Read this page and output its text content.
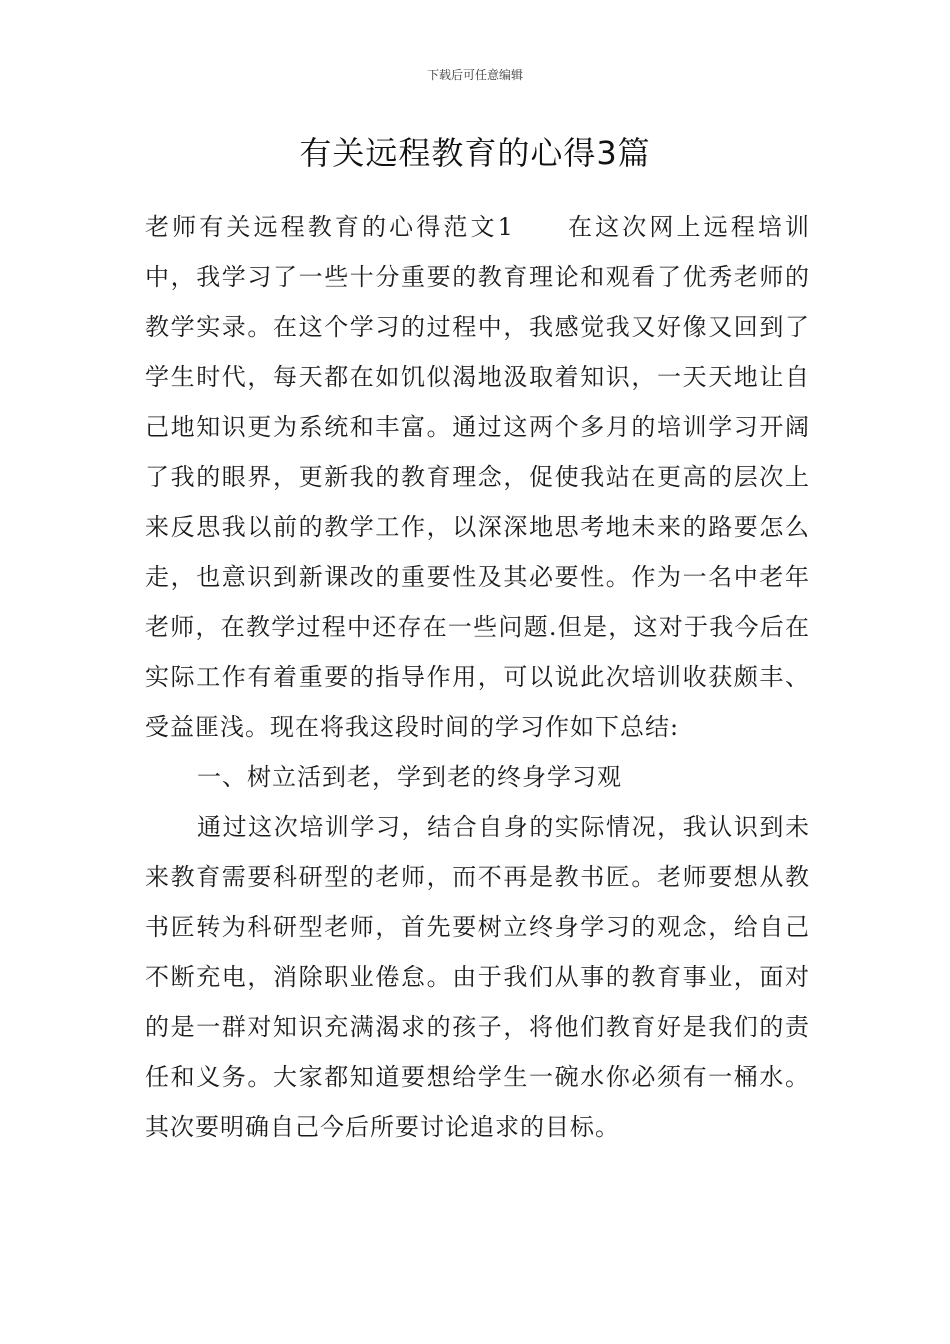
下载后可任意编辑
有关远程教育的心得3篇

老师有关远程教育的心得范文1 在这次网上远程培训中，我学习了一些十分重要的教育理论和观看了优秀老师的教学实录。在这个学习的过程中，我感觉我又好像又回到了学生时代，每天都在如饥似渴地汲取着知识，一天天地让自己地知识更为系统和丰富。通过这两个多月的培训学习开阔了我的眼界，更新我的教育理念，促使我站在更高的层次上来反思我以前的教学工作，以深深地思考地未来的路要怎么走，也意识到新课改的重要性及其必要性。作为一名中老年老师，在教学过程中还存在一些问题.但是，这对于我今后在实际工作有着重要的指导作用，可以说此次培训收获颇丰、受益匪浅。现在将我这段时间的学习作如下总结:

一、树立活到老，学到老的终身学习观

通过这次培训学习，结合自身的实际情况，我认识到未来教育需要科研型的老师，而不再是教书匠。老师要想从教书匠转为科研型老师，首先要树立终身学习的观念，给自己不断充电，消除职业倦怠。由于我们从事的教育事业，面对的是一群对知识充满渴求的孩子，将他们教育好是我们的责任和义务。大家都知道要想给学生一碗水你必须有一桶水。其次要明确自己今后所要讨论追求的目标。
